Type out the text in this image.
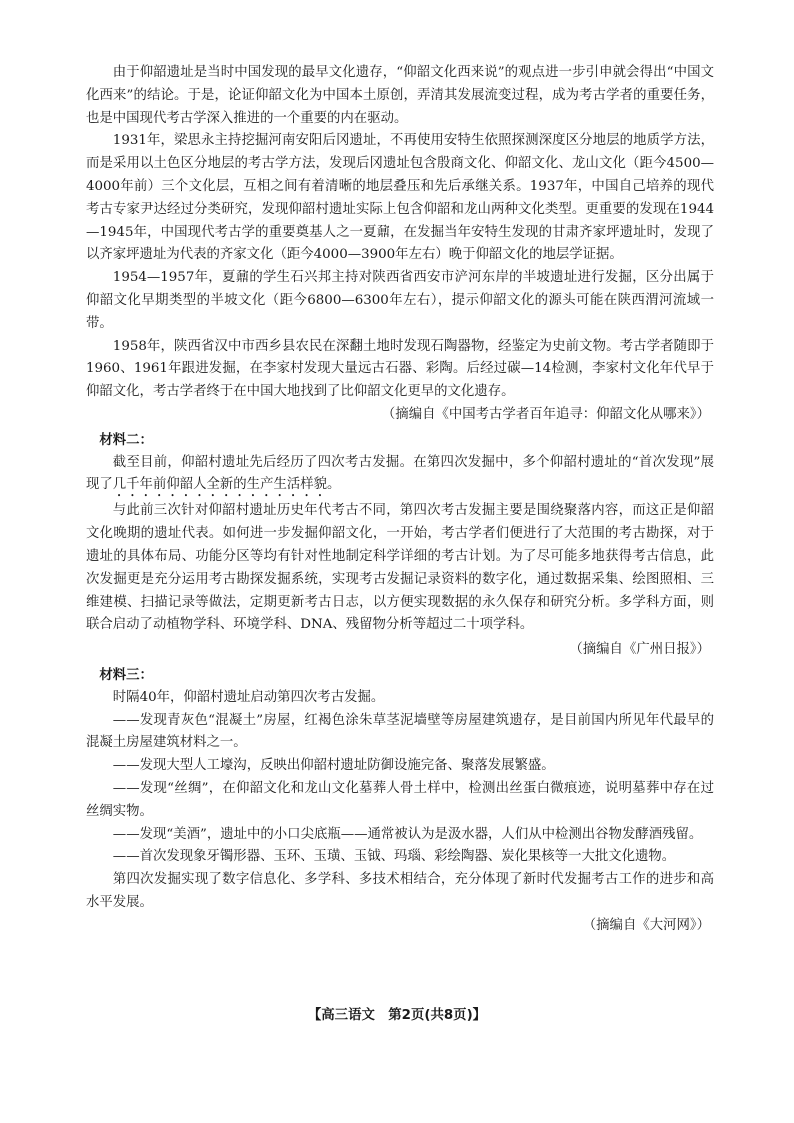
由于仰韶遗址是当时中国发现的最早文化遗存，“仰韶文化西来说”的观点进一步引申就会得出“中国文化西来”的结论。于是，论证仰韶文化为中国本土原创，弄清其发展流变过程，成为考古学者的重要任务，也是中国现代考古学深入推进的一个重要的内在驱动。

1931年，梁思永主持挖掘河南安阳后冈遗址，不再使用安特生依照探测深度区分地层的地质学方法，而是采用以土色区分地层的考古学方法，发现后冈遗址包含殷商文化、仰韶文化、龙山文化（距今4500—4000年前）三个文化层，互相之间有着清晰的地层叠压和先后承继关系。1937年，中国自己培养的现代考古专家尹达经过分类研究，发现仰韶村遗址实际上包含仰韶和龙山两种文化类型。更重要的发现在1944—1945年，中国现代考古学的重要奠基人之一夏鼐，在发掘当年安特生发现的甘肃齐家坪遗址时，发现了以齐家坪遗址为代表的齐家文化（距今4000—3900年左右）晚于仰韶文化的地层学证据。

1954—1957年，夏鼐的学生石兴邦主持对陕西省西安市浐河东岸的半坡遗址进行发掘，区分出属于仰韶文化早期类型的半坡文化（距今6800—6300年左右），提示仰韶文化的源头可能在陕西渭河流域一带。

1958年，陕西省汉中市西乡县农民在深翻土地时发现石陶器物，经鉴定为史前文物。考古学者随即于1960、1961年跟进发掘，在李家村发现大量远古石器、彩陶。后经过碳—14检测，李家村文化年代早于仰韶文化，考古学者终于在中国大地找到了比仰韶文化更早的文化遗存。

（摘编自《中国考古学者百年追寻：仰韶文化从哪来》）

材料二：

截至目前，仰韶村遗址先后经历了四次考古发掘。在第四次发掘中，多个仰韶村遗址的“首次发现”展现了几千年前仰韶人全新的生产生活样貌。

与此前三次针对仰韶村遗址历史年代考古不同，第四次考古发掘主要是围绕聚落内容，而这正是仰韶文化晚期的遗址代表。如何进一步发掘仰韶文化，一开始，考古学者们便进行了大范围的考古勘探，对于遗址的具体布局、功能分区等均有针对性地制定科学详细的考古计划。为了尽可能多地获得考古信息，此次发掘更是充分运用考古勘探发掘系统，实现考古发掘记录资料的数字化，通过数据采集、绘图照相、三维建模、扫描记录等做法，定期更新考古日志，以方便实现数据的永久保存和研究分析。多学科方面，则联合启动了动植物学科、环境学科、DNA、残留物分析等超过二十项学科。

（摘编自《广州日报》）

材料三：

时隔40年，仰韶村遗址启动第四次考古发掘。

——发现青灰色“混凝土”房屋，红褐色涂朱草茎泥墙壁等房屋建筑遗存，是目前国内所见年代最早的混凝土房屋建筑材料之一。

——发现大型人工壕沟，反映出仰韶村遗址防御设施完备、聚落发展繁盛。

——发现“丝绸”，在仰韶文化和龙山文化墓葬人骨土样中，检测出丝蛋白微痕迹，说明墓葬中存在过丝绸实物。

——发现“美酒”，遗址中的小口尖底瓶——通常被认为是汲水器，人们从中检测出谷物发酵酒残留。

——首次发现象牙镯形器、玉环、玉璜、玉钺、玛瑙、彩绘陶器、炭化果核等一大批文化遗物。

第四次发掘实现了数字信息化、多学科、多技术相结合，充分体现了新时代发掘考古工作的进步和高水平发展。

（摘编自《大河网》）

【高三语文　第2页(共8页)】
